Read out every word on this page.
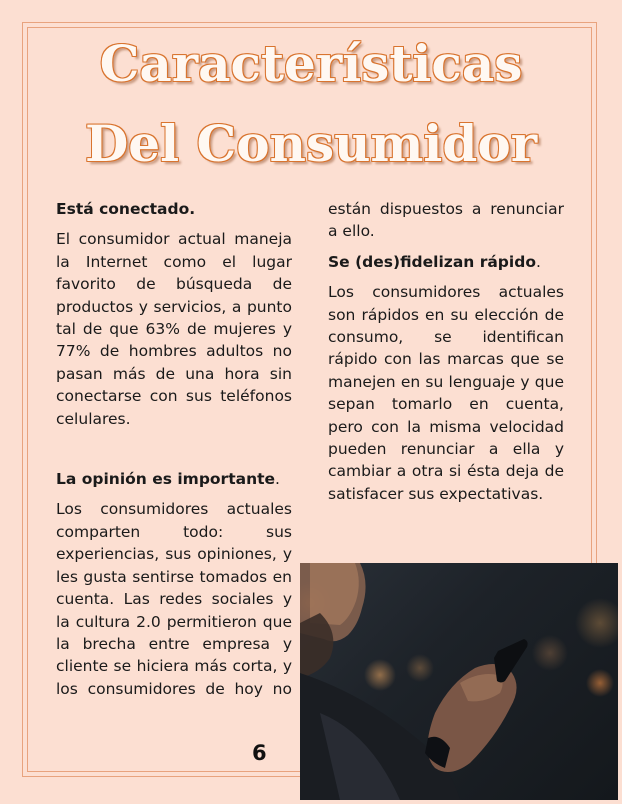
Características
Del Consumidor

Está conectado.

El consumidor actual maneja la Internet como el lugar favorito de búsqueda de productos y servicios, a punto tal de que 63% de mujeres y 77% de hombres adultos no pasan más de una hora sin conectarse con sus teléfonos celulares.

La opinión es importante.

Los consumidores actuales comparten todo: sus experiencias, sus opiniones, y les gusta sentirse tomados en cuenta. Las redes sociales y la cultura 2.0 permitieron que la brecha entre empresa y cliente se hiciera más corta, y los consumidores de hoy no

están dispuestos a renunciar a ello.

Se (des)fidelizan rápido.

Los consumidores actuales son rápidos en su elección de consumo, se identifican rápido con las marcas que se manejen en su lenguaje y que sepan tomarlo en cuenta, pero con la misma velocidad pueden renunciar a ella y cambiar a otra si ésta deja de satisfacer sus expectativas.

6
